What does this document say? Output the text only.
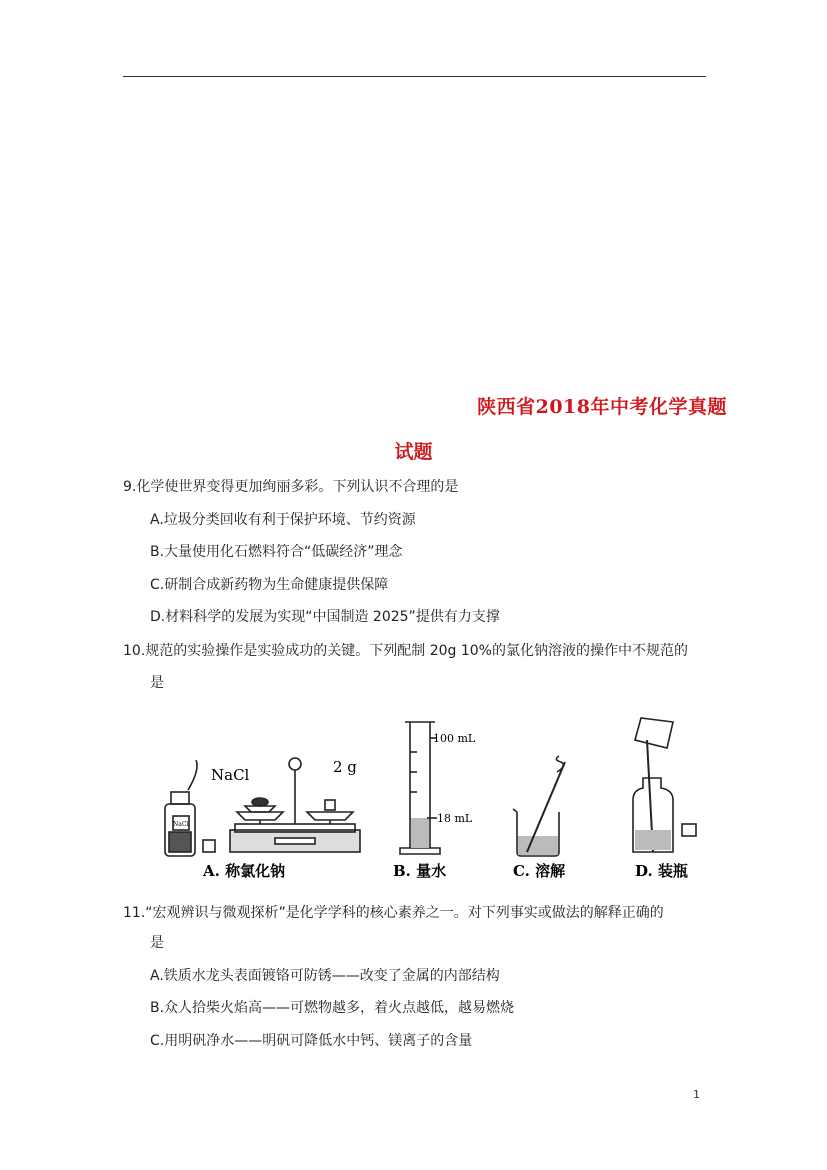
陕西省2018年中考化学真题
试题
9.化学使世界变得更加绚丽多彩。下列认识不合理的是
A.垃圾分类回收有利于保护环境、节约资源
B.大量使用化石燃料符合“低碳经济”理念
C.研制合成新药物为生命健康提供保障
D.材料科学的发展为实现“中国制造 2025”提供有力支撑
10.规范的实验操作是实验成功的关键。下列配制 20g 10%的氯化钠溶液的操作中不规范的
是
NaCl	2 g
NaCl
100 mL
18 mL
A. 称氯化钠	B. 量水	C. 溶解	D. 装瓶
11.“宏观辨识与微观探析”是化学学科的核心素养之一。对下列事实或做法的解释正确的
是
A.铁质水龙头表面镀铬可防锈——改变了金属的内部结构
B.众人拾柴火焰高——可燃物越多，着火点越低，越易燃烧
C.用明矾净水——明矾可降低水中钙、镁离子的含量
1
